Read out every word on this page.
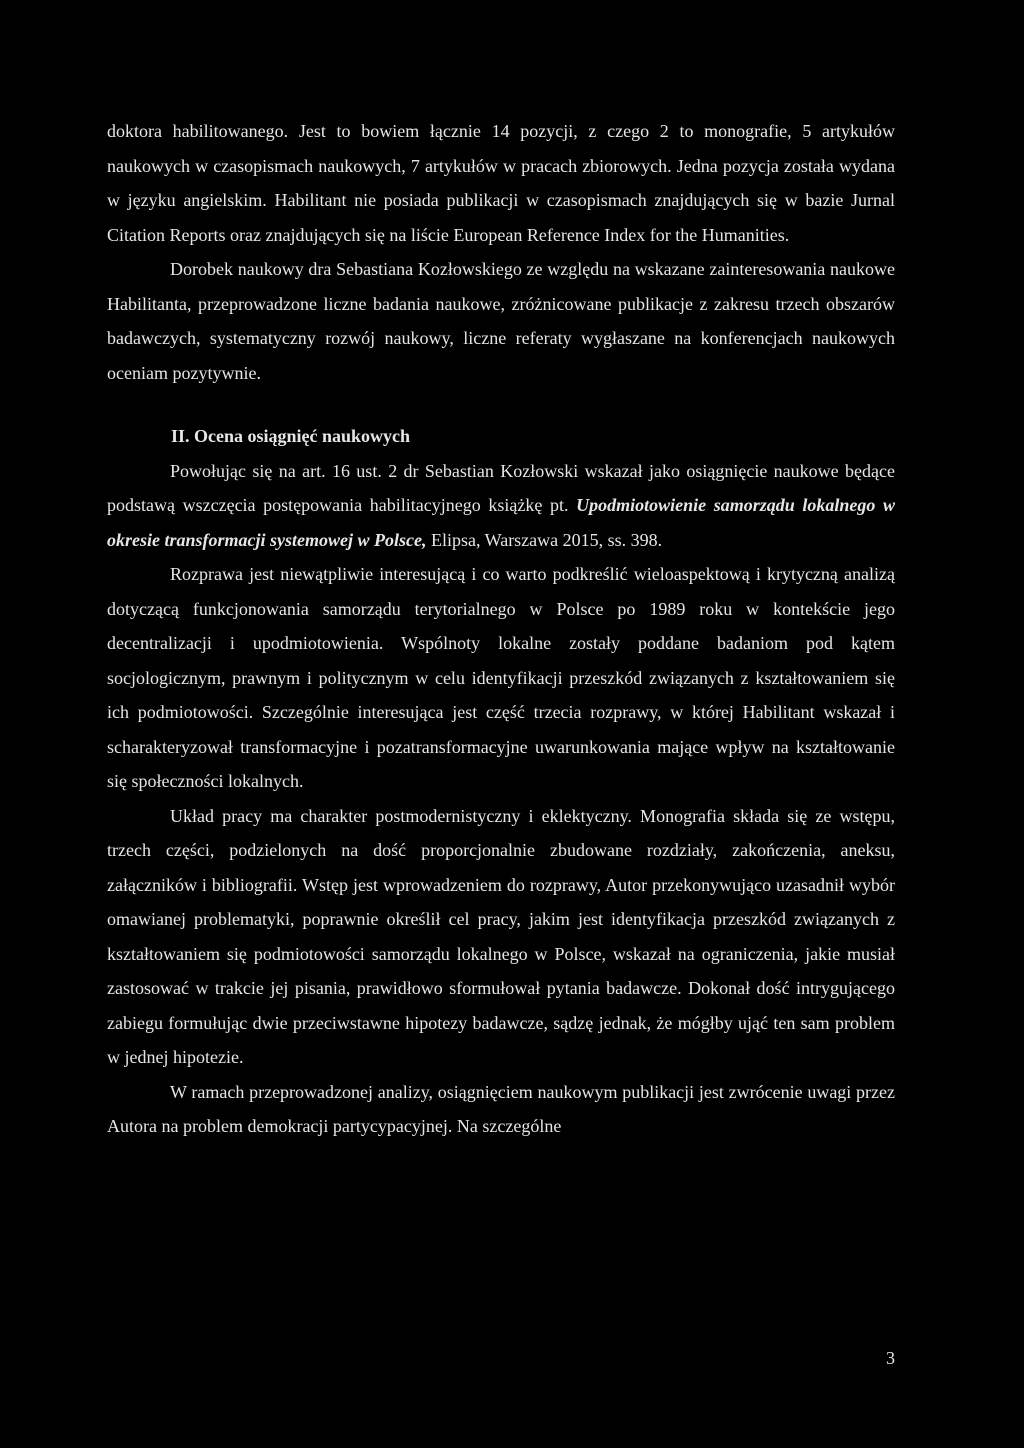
doktora habilitowanego. Jest to bowiem łącznie 14 pozycji, z czego 2 to monografie, 5 artykułów naukowych w czasopismach naukowych, 7 artykułów w pracach zbiorowych. Jedna pozycja została wydana w języku angielskim. Habilitant nie posiada publikacji w czasopismach znajdujących się w bazie Jurnal Citation Reports oraz znajdujących się na liście European Reference Index for the Humanities.

Dorobek naukowy dra Sebastiana Kozłowskiego ze względu na wskazane zainteresowania naukowe Habilitanta, przeprowadzone liczne badania naukowe, zróżnicowane publikacje z zakresu trzech obszarów badawczych, systematyczny rozwój naukowy, liczne referaty wygłaszane na konferencjach naukowych oceniam pozytywnie.

II. Ocena osiągnięć naukowych

Powołując się na art. 16 ust. 2 dr Sebastian Kozłowski wskazał jako osiągnięcie naukowe będące podstawą wszczęcia postępowania habilitacyjnego książkę pt. Upodmiotowienie samorządu lokalnego w okresie transformacji systemowej w Polsce, Elipsa, Warszawa 2015, ss. 398.

Rozprawa jest niewątpliwie interesującą i co warto podkreślić wieloaspektową i krytyczną analizą dotyczącą funkcjonowania samorządu terytorialnego w Polsce po 1989 roku w kontekście jego decentralizacji i upodmiotowienia. Wspólnoty lokalne zostały poddane badaniom pod kątem socjologicznym, prawnym i politycznym w celu identyfikacji przeszkód związanych z kształtowaniem się ich podmiotowości. Szczególnie interesująca jest część trzecia rozprawy, w której Habilitant wskazał i scharakteryzował transformacyjne i pozatransformacyjne uwarunkowania mające wpływ na kształtowanie się społeczności lokalnych.

Układ pracy ma charakter postmodernistyczny i eklektyczny. Monografia składa się ze wstępu, trzech części, podzielonych na dość proporcjonalnie zbudowane rozdziały, zakończenia, aneksu, załączników i bibliografii. Wstęp jest wprowadzeniem do rozprawy, Autor przekonywująco uzasadnił wybór omawianej problematyki, poprawnie określił cel pracy, jakim jest identyfikacja przeszkód związanych z kształtowaniem się podmiotowości samorządu lokalnego w Polsce, wskazał na ograniczenia, jakie musiał zastosować w trakcie jej pisania, prawidłowo sformułował pytania badawcze. Dokonał dość intrygującego zabiegu formułując dwie przeciwstawne hipotezy badawcze, sądzę jednak, że mógłby ująć ten sam problem w jednej hipotezie.

W ramach przeprowadzonej analizy, osiągnięciem naukowym publikacji jest zwrócenie uwagi przez Autora na problem demokracji partycypacyjnej. Na szczególne

3
